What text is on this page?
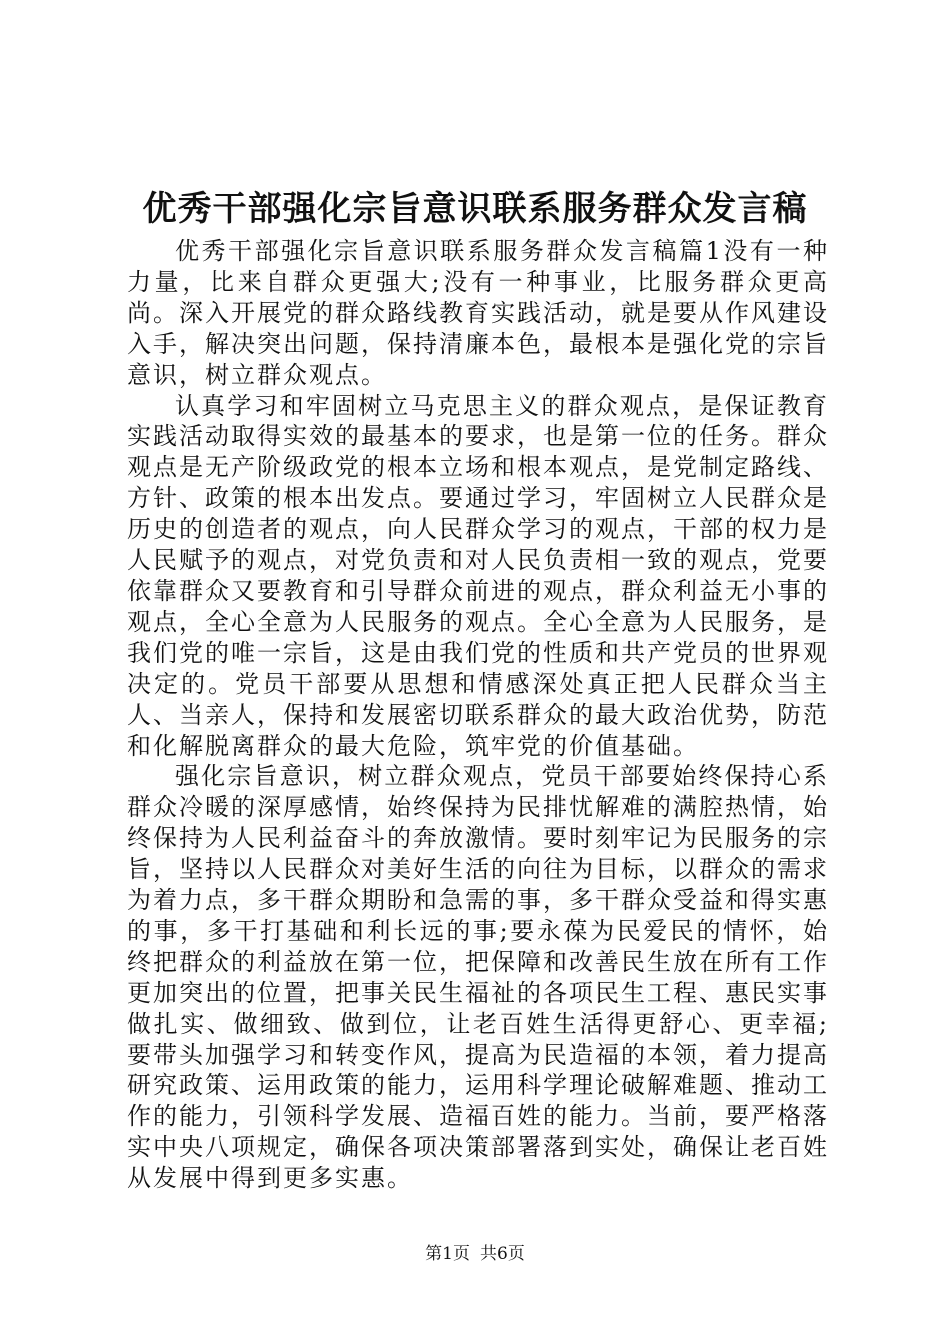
优秀干部强化宗旨意识联系服务群众发言稿

优秀干部强化宗旨意识联系服务群众发言稿篇1没有一种力量，比来自群众更强大;没有一种事业，比服务群众更高尚。深入开展党的群众路线教育实践活动，就是要从作风建设入手，解决突出问题，保持清廉本色，最根本是强化党的宗旨意识，树立群众观点。

认真学习和牢固树立马克思主义的群众观点，是保证教育实践活动取得实效的最基本的要求，也是第一位的任务。群众观点是无产阶级政党的根本立场和根本观点，是党制定路线、方针、政策的根本出发点。要通过学习，牢固树立人民群众是历史的创造者的观点，向人民群众学习的观点，干部的权力是人民赋予的观点，对党负责和对人民负责相一致的观点，党要依靠群众又要教育和引导群众前进的观点，群众利益无小事的观点，全心全意为人民服务的观点。全心全意为人民服务，是我们党的唯一宗旨，这是由我们党的性质和共产党员的世界观决定的。党员干部要从思想和情感深处真正把人民群众当主人、当亲人，保持和发展密切联系群众的最大政治优势，防范和化解脱离群众的最大危险，筑牢党的价值基础。

强化宗旨意识，树立群众观点，党员干部要始终保持心系群众冷暖的深厚感情，始终保持为民排忧解难的满腔热情，始终保持为人民利益奋斗的奔放激情。要时刻牢记为民服务的宗旨，坚持以人民群众对美好生活的向往为目标，以群众的需求为着力点，多干群众期盼和急需的事，多干群众受益和得实惠的事，多干打基础和利长远的事;要永葆为民爱民的情怀，始终把群众的利益放在第一位，把保障和改善民生放在所有工作更加突出的位置，把事关民生福祉的各项民生工程、惠民实事做扎实、做细致、做到位，让老百姓生活得更舒心、更幸福;要带头加强学习和转变作风，提高为民造福的本领，着力提高研究政策、运用政策的能力，运用科学理论破解难题、推动工作的能力，引领科学发展、造福百姓的能力。当前，要严格落实中央八项规定，确保各项决策部署落到实处，确保让老百姓从发展中得到更多实惠。

第1页 共6页
